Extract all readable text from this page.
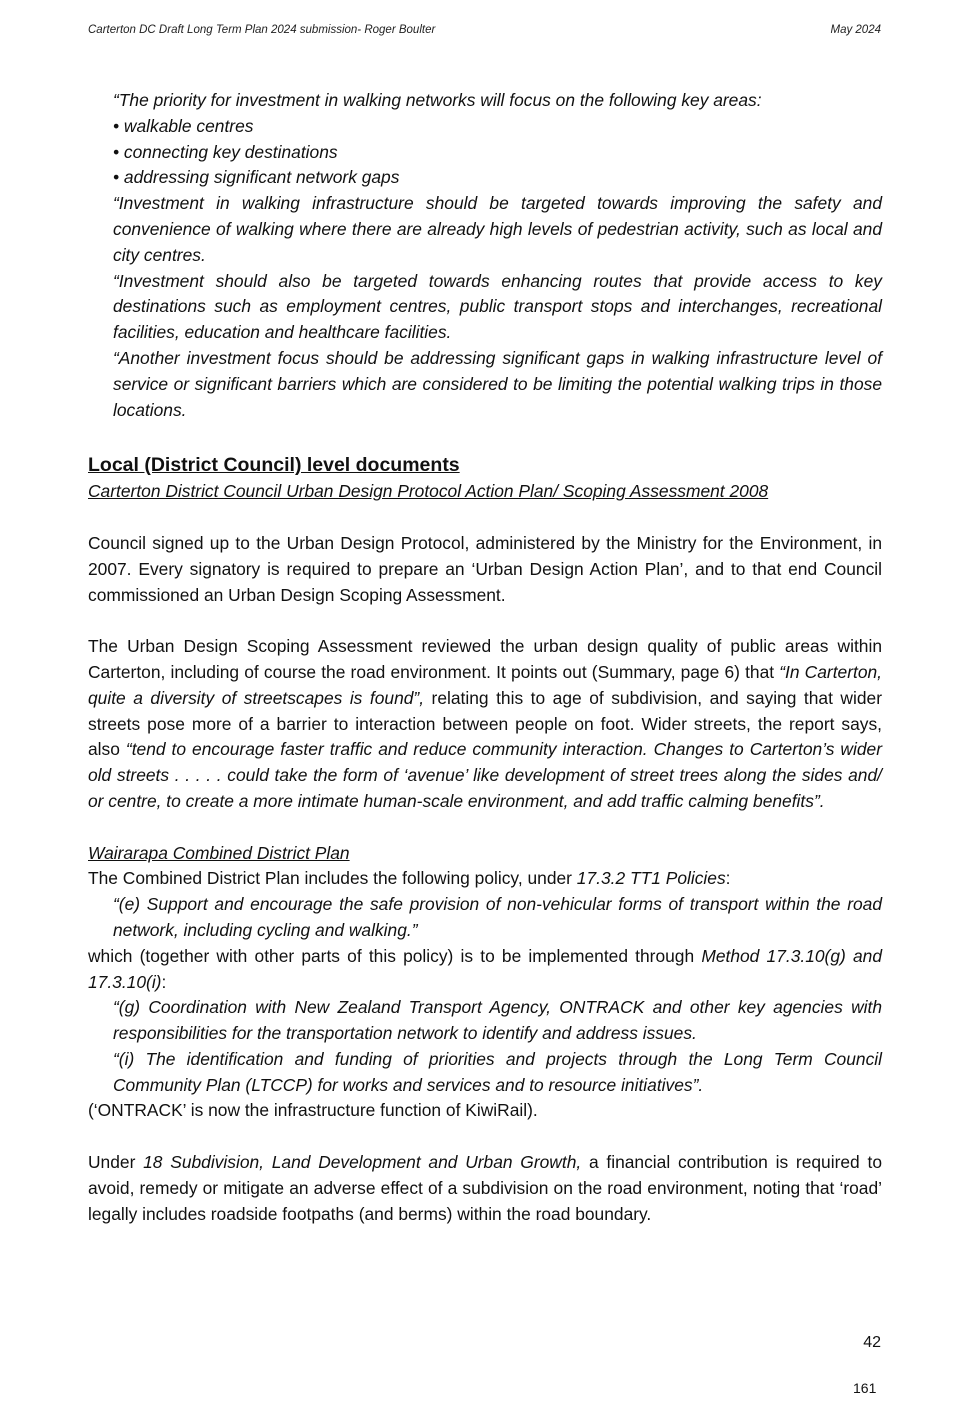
Carterton DC Draft Long Term Plan 2024 submission- Roger Boulter	May 2024

“The priority for investment in walking networks will focus on the following key areas:

• walkable centres

• connecting key destinations

• addressing significant network gaps

“Investment in walking infrastructure should be targeted towards improving the safety and convenience of walking where there are already high levels of pedestrian activity, such as local and city centres.

“Investment should also be targeted towards enhancing routes that provide access to key destinations such as employment centres, public transport stops and interchanges, recreational facilities, education and healthcare facilities.

“Another investment focus should be addressing significant gaps in walking infrastructure level of service or significant barriers which are considered to be limiting the potential walking trips in those locations.

Local (District Council) level documents

Carterton District Council Urban Design Protocol Action Plan/ Scoping Assessment 2008

Council signed up to the Urban Design Protocol, administered by the Ministry for the Environment, in 2007. Every signatory is required to prepare an ‘Urban Design Action Plan’, and to that end Council commissioned an Urban Design Scoping Assessment.

The Urban Design Scoping Assessment reviewed the urban design quality of public areas within Carterton, including of course the road environment. It points out (Summary, page 6) that “In Carterton, quite a diversity of streetscapes is found”, relating this to age of subdivision, and saying that wider streets pose more of a barrier to interaction between people on foot. Wider streets, the report says, also “tend to encourage faster traffic and reduce community interaction. Changes to Carterton’s wider old streets . . . . . could take the form of ‘avenue’ like development of street trees along the sides and/ or centre, to create a more intimate human-scale environment, and add traffic calming benefits”.

Wairarapa Combined District Plan

The Combined District Plan includes the following policy, under 17.3.2 TT1 Policies:

“(e) Support and encourage the safe provision of non-vehicular forms of transport within the road network, including cycling and walking.”

which (together with other parts of this policy) is to be implemented through Method 17.3.10(g) and 17.3.10(i):

“(g) Coordination with New Zealand Transport Agency, ONTRACK and other key agencies with responsibilities for the transportation network to identify and address issues.

“(i) The identification and funding of priorities and projects through the Long Term Council Community Plan (LTCCP) for works and services and to resource initiatives”.

(‘ONTRACK’ is now the infrastructure function of KiwiRail).

Under 18 Subdivision, Land Development and Urban Growth, a financial contribution is required to avoid, remedy or mitigate an adverse effect of a subdivision on the road environment, noting that ‘road’ legally includes roadside footpaths (and berms) within the road boundary.

42
161
